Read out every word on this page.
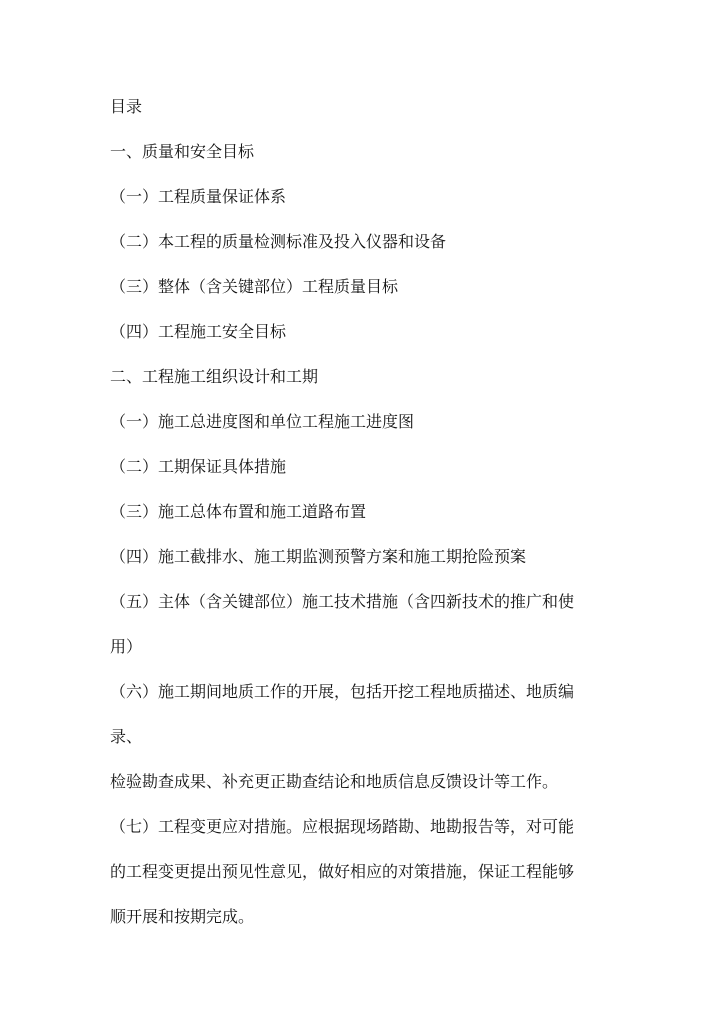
目录
一、质量和安全目标
（一）工程质量保证体系
（二）本工程的质量检测标准及投入仪器和设备
（三）整体（含关键部位）工程质量目标
（四）工程施工安全目标
二、工程施工组织设计和工期
（一）施工总进度图和单位工程施工进度图
（二）工期保证具体措施
（三）施工总体布置和施工道路布置
（四）施工截排水、施工期监测预警方案和施工期抢险预案
（五）主体（含关键部位）施工技术措施（含四新技术的推广和使
用）
（六）施工期间地质工作的开展，包括开挖工程地质描述、地质编
录、
检验勘查成果、补充更正勘查结论和地质信息反馈设计等工作。
（七）工程变更应对措施。应根据现场踏勘、地勘报告等，对可能
的工程变更提出预见性意见，做好相应的对策措施，保证工程能够
顺开展和按期完成。
